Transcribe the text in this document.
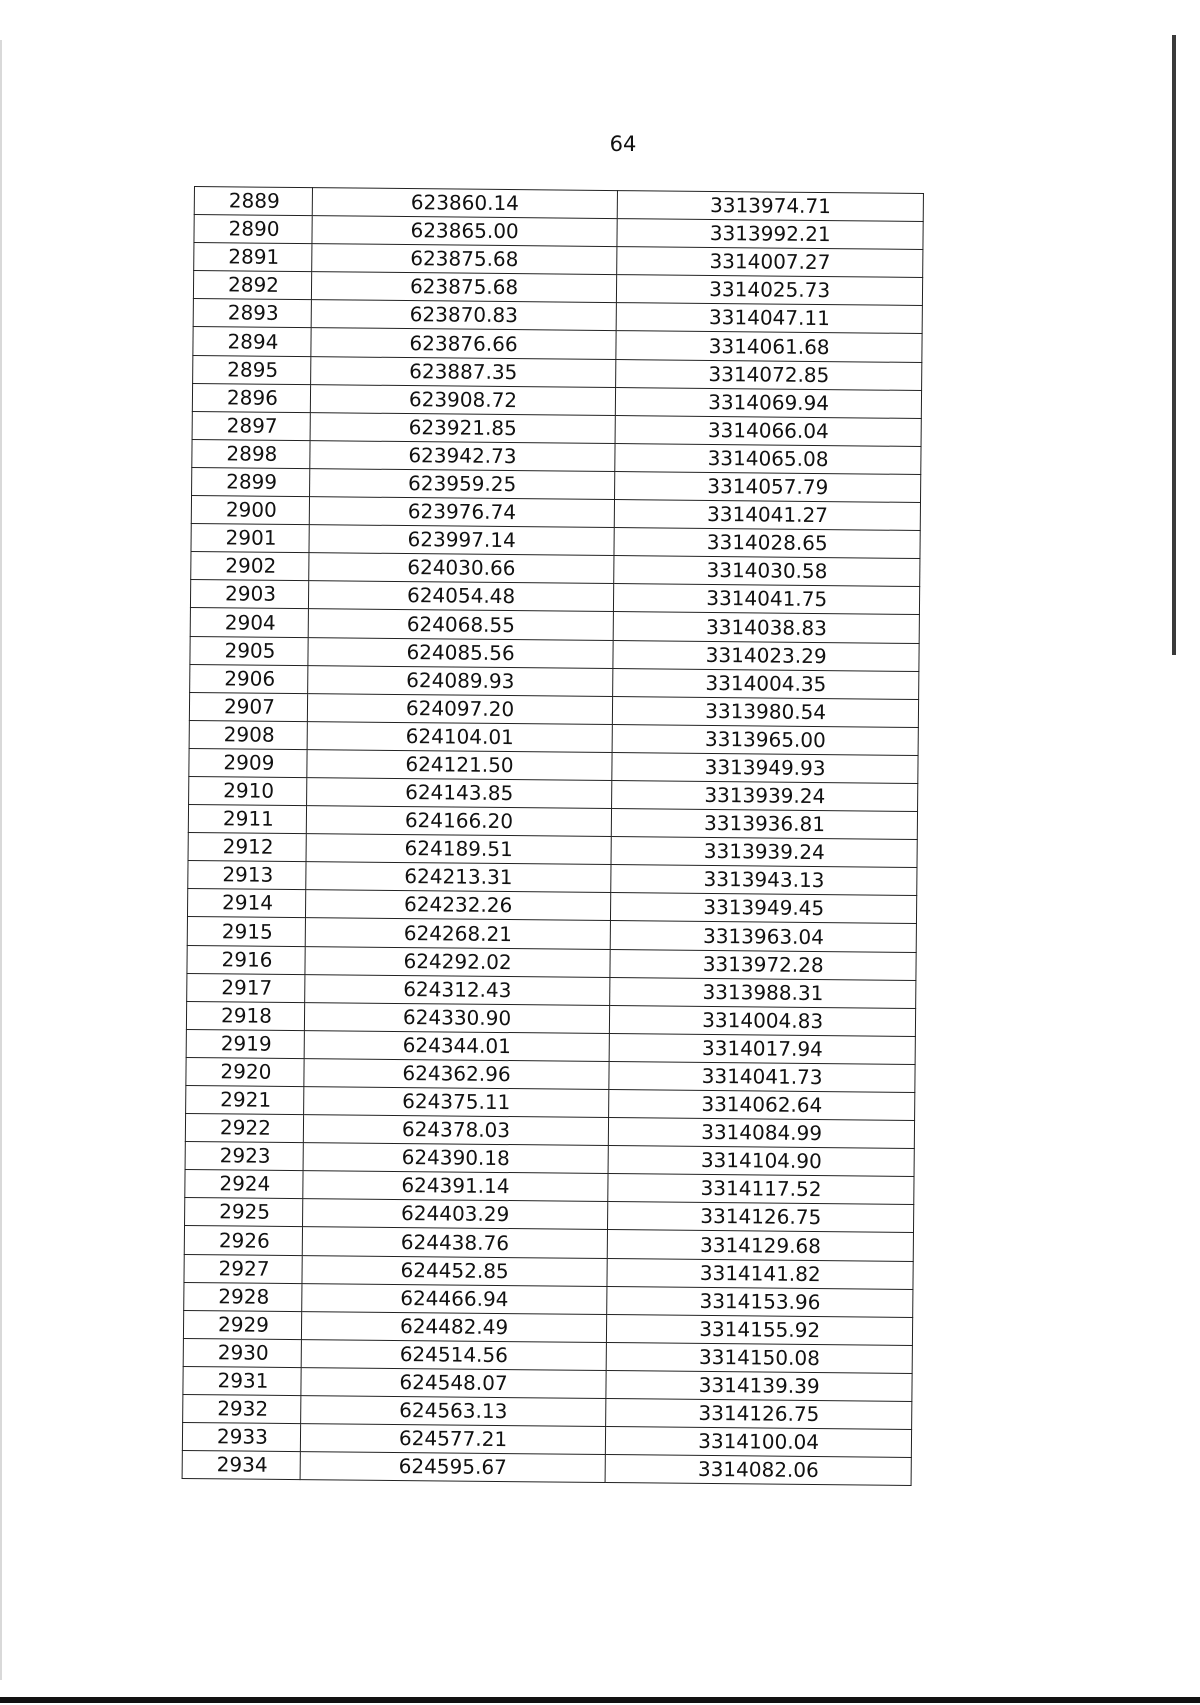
64
2889	623860.14	3313974.71
2890	623865.00	3313992.21
2891	623875.68	3314007.27
2892	623875.68	3314025.73
2893	623870.83	3314047.11
2894	623876.66	3314061.68
2895	623887.35	3314072.85
2896	623908.72	3314069.94
2897	623921.85	3314066.04
2898	623942.73	3314065.08
2899	623959.25	3314057.79
2900	623976.74	3314041.27
2901	623997.14	3314028.65
2902	624030.66	3314030.58
2903	624054.48	3314041.75
2904	624068.55	3314038.83
2905	624085.56	3314023.29
2906	624089.93	3314004.35
2907	624097.20	3313980.54
2908	624104.01	3313965.00
2909	624121.50	3313949.93
2910	624143.85	3313939.24
2911	624166.20	3313936.81
2912	624189.51	3313939.24
2913	624213.31	3313943.13
2914	624232.26	3313949.45
2915	624268.21	3313963.04
2916	624292.02	3313972.28
2917	624312.43	3313988.31
2918	624330.90	3314004.83
2919	624344.01	3314017.94
2920	624362.96	3314041.73
2921	624375.11	3314062.64
2922	624378.03	3314084.99
2923	624390.18	3314104.90
2924	624391.14	3314117.52
2925	624403.29	3314126.75
2926	624438.76	3314129.68
2927	624452.85	3314141.82
2928	624466.94	3314153.96
2929	624482.49	3314155.92
2930	624514.56	3314150.08
2931	624548.07	3314139.39
2932	624563.13	3314126.75
2933	624577.21	3314100.04
2934	624595.67	3314082.06
